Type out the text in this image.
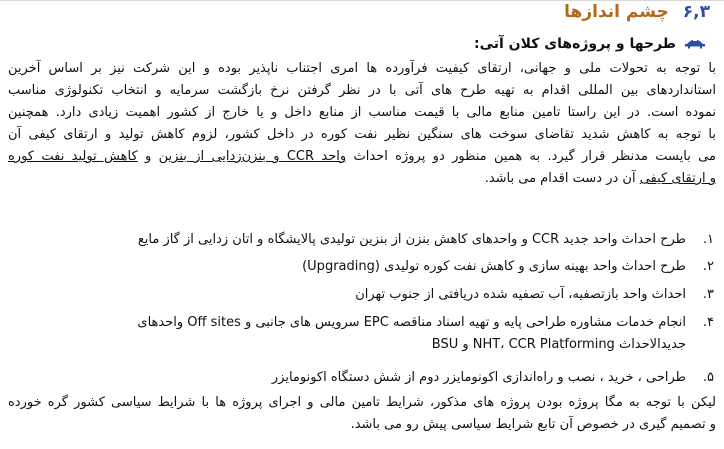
۶,۳چشم اندازها
طرحها و پروژه‌های کلان آتی:
با توجه به تحولات ملی و جهانی، ارتقای کیفیت فرآورده ها امری اجتناب ناپذیر بوده و این شرکت نیز بر اساس آخرین
استانداردهای بین المللی اقدام به تهیه طرح های آتی با در نظر گرفتن نرخ بازگشت سرمایه و انتخاب تکنولوژی مناسب
نموده است. در این راستا تامین منابع مالی با قیمت مناسب از منابع داخل و یا خارج از کشور اهمیت زیادی دارد. همچنین
با توجه به کاهش شدید تقاضای سوخت های سنگین نظیر نفت کوره در داخل کشور، لزوم کاهش تولید و ارتقای کیفی آن
می بایست مدنظر قرار گیرد. به همین منظور دو پروژه احداث واحد CCR و بنزن‌زدایی از بنزین و کاهش تولید نفت کوره
و ارتقای کیفی آن در دست اقدام می باشد.
۱.طرح احداث واحد جدید CCR و واحدهای کاهش بنزن از بنزین تولیدی پالایشگاه و اتان زدایی از گاز مایع
۲.طرح احداث واحد بهینه سازی و کاهش نفت کوره تولیدی (Upgrading)
۳.احداث واحد بازتصفیه، آب تصفیه شده دریافتی از جنوب تهران
۴.انجام خدمات مشاوره طراحی پایه و تهیه اسناد مناقصه EPC سرویس های جانبی و Off sites واحدهای
جدیدالاحداث NHT، CCR Platforming و BSU
۵.طراحی ، خرید ، نصب و راه‌اندازی اکونومایزر دوم از شش دستگاه اکونومایزر
لیکن با توجه به مگا پروژه بودن پروژه های مذکور، شرایط تامین مالی و اجرای پروژه ها با شرایط سیاسی کشور گره خورده
و تصمیم گیری در خصوص آن تابع شرایط سیاسی پیش رو می باشد.
